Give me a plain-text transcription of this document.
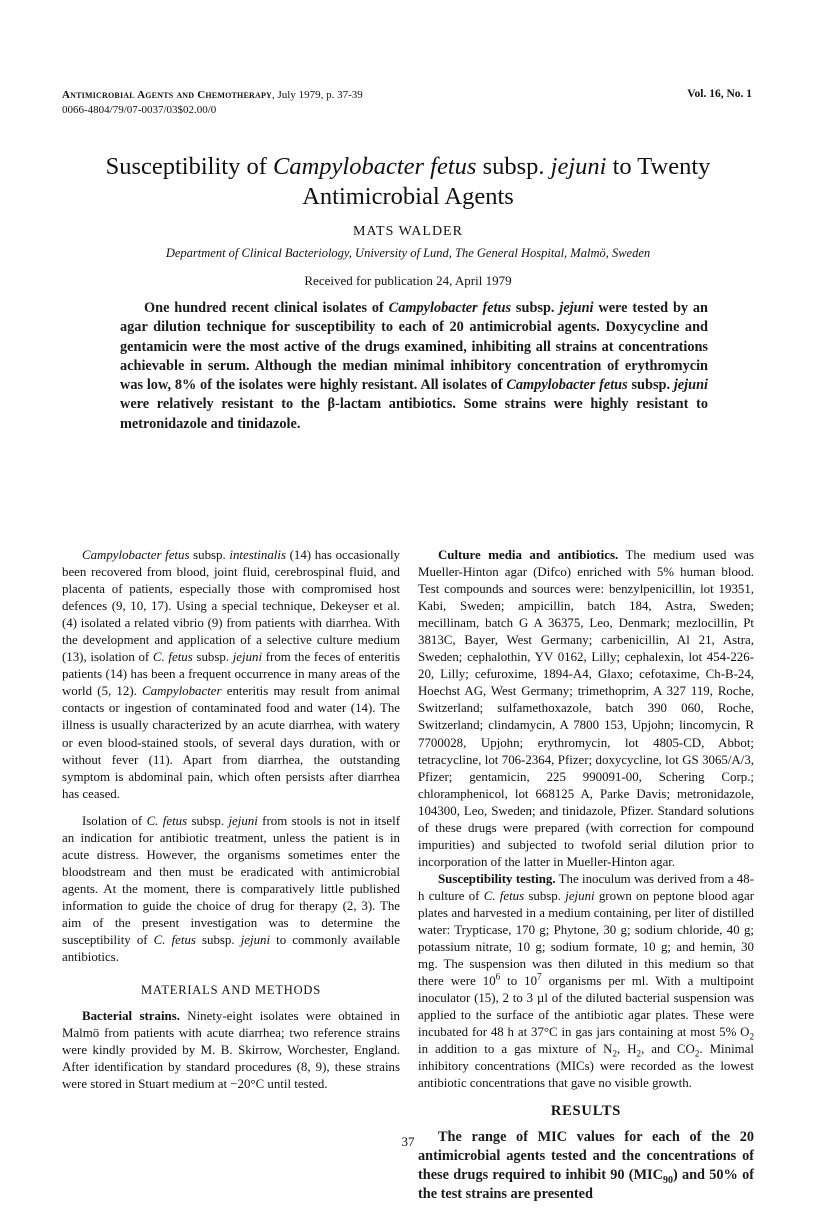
Antimicrobial Agents and Chemotherapy, July 1979, p. 37-39
0066-4804/79/07-0037/03$02.00/0
Vol. 16, No. 1
Susceptibility of Campylobacter fetus subsp. jejuni to Twenty Antimicrobial Agents
MATS WALDER
Department of Clinical Bacteriology, University of Lund, The General Hospital, Malmö, Sweden
Received for publication 24, April 1979

One hundred recent clinical isolates of Campylobacter fetus subsp. jejuni were tested by an agar dilution technique for susceptibility to each of 20 antimicrobial agents. Doxycycline and gentamicin were the most active of the drugs examined, inhibiting all strains at concentrations achievable in serum. Although the median minimal inhibitory concentration of erythromycin was low, 8% of the isolates were highly resistant. All isolates of Campylobacter fetus subsp. jejuni were relatively resistant to the β-lactam antibiotics. Some strains were highly resistant to metronidazole and tinidazole.

Campylobacter fetus subsp. intestinalis (14) has occasionally been recovered from blood, joint fluid, cerebrospinal fluid, and placenta of patients, especially those with compromised host defences (9, 10, 17). Using a special technique, Dekeyser et al. (4) isolated a related vibrio (9) from patients with diarrhea. With the development and application of a selective culture medium (13), isolation of C. fetus subsp. jejuni from the feces of enteritis patients (14) has been a frequent occurrence in many areas of the world (5, 12). Campylobacter enteritis may result from animal contacts or ingestion of contaminated food and water (14). The illness is usually characterized by an acute diarrhea, with watery or even blood-stained stools, of several days duration, with or without fever (11). Apart from diarrhea, the outstanding symptom is abdominal pain, which often persists after diarrhea has ceased.

Isolation of C. fetus subsp. jejuni from stools is not in itself an indication for antibiotic treatment, unless the patient is in acute distress. However, the organisms sometimes enter the bloodstream and then must be eradicated with antimicrobial agents. At the moment, there is comparatively little published information to guide the choice of drug for therapy (2, 3). The aim of the present investigation was to determine the susceptibility of C. fetus subsp. jejuni to commonly available antibiotics.

MATERIALS AND METHODS

Bacterial strains. Ninety-eight isolates were obtained in Malmö from patients with acute diarrhea; two reference strains were kindly provided by M. B. Skirrow, Worchester, England. After identification by standard procedures (8, 9), these strains were stored in Stuart medium at −20°C until tested.

Culture media and antibiotics. The medium used was Mueller-Hinton agar (Difco) enriched with 5% human blood. Test compounds and sources were: benzylpenicillin, lot 19351, Kabi, Sweden; ampicillin, batch 184, Astra, Sweden; mecillinam, batch G A 36375, Leo, Denmark; mezlocillin, Pt 3813C, Bayer, West Germany; carbenicillin, Al 21, Astra, Sweden; cephalothin, YV 0162, Lilly; cephalexin, lot 454-226-20, Lilly; cefuroxime, 1894-A4, Glaxo; cefotaxime, Ch-B-24, Hoechst AG, West Germany; trimethoprim, A 327 119, Roche, Switzerland; sulfamethoxazole, batch 390 060, Roche, Switzerland; clindamycin, A 7800 153, Upjohn; lincomycin, R 7700028, Upjohn; erythromycin, lot 4805-CD, Abbot; tetracycline, lot 706-2364, Pfizer; doxycycline, lot GS 3065/A/3, Pfizer; gentamicin, 225 990091-00, Schering Corp.; chloramphenicol, lot 668125 A, Parke Davis; metronidazole, 104300, Leo, Sweden; and tinidazole, Pfizer. Standard solutions of these drugs were prepared (with correction for compound impurities) and subjected to twofold serial dilution prior to incorporation of the latter in Mueller-Hinton agar.

Susceptibility testing. The inoculum was derived from a 48-h culture of C. fetus subsp. jejuni grown on peptone blood agar plates and harvested in a medium containing, per liter of distilled water: Trypticase, 170 g; Phytone, 30 g; sodium chloride, 40 g; potassium nitrate, 10 g; sodium formate, 10 g; and hemin, 30 mg. The suspension was then diluted in this medium so that there were $10^6$ to $10^7$ organisms per ml. With a multipoint inoculator (15), 2 to 3 µl of the diluted bacterial suspension was applied to the surface of the antibiotic agar plates. These were incubated for 48 h at 37°C in gas jars containing at most 5% $O_2$ in addition to a gas mixture of $N_2$, $H_2$, and $CO_2$. Minimal inhibitory concentrations (MICs) were recorded as the lowest antibiotic concentrations that gave no visible growth.

RESULTS

The range of MIC values for each of the 20 antimicrobial agents tested and the concentrations of these drugs required to inhibit 90 $(MIC_{90})$ and 50% of the test strains are presented

37
